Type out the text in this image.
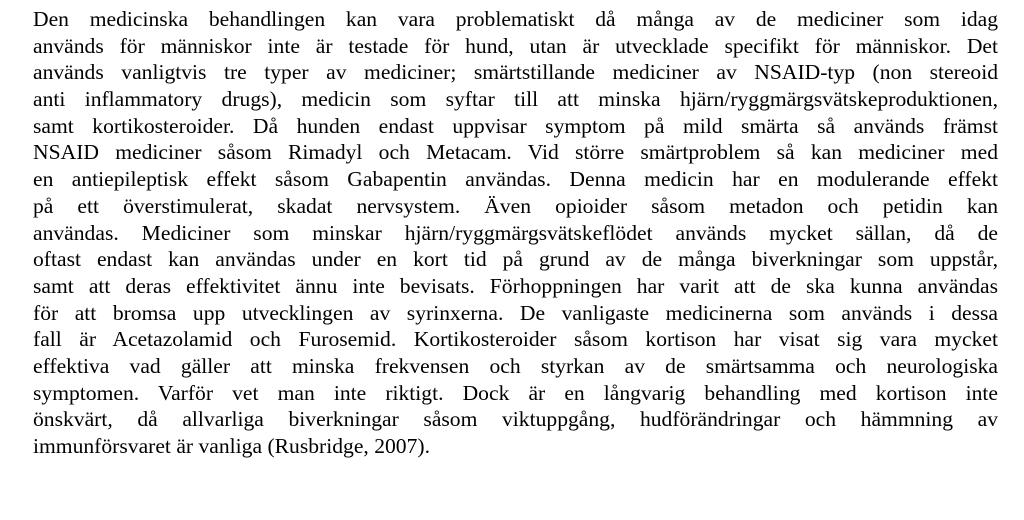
Den medicinska behandlingen kan vara problematiskt då många av de mediciner som idag
används för människor inte är testade för hund, utan är utvecklade specifikt för människor. Det
används vanligtvis tre typer av mediciner; smärtstillande mediciner av NSAID-typ (non stereoid
anti inflammatory drugs), medicin som syftar till att minska hjärn/ryggmärgsvätskeproduktionen,
samt kortikosteroider. Då hunden endast uppvisar symptom på mild smärta så används främst
NSAID mediciner såsom Rimadyl och Metacam. Vid större smärtproblem så kan mediciner med
en antiepileptisk effekt såsom Gabapentin användas. Denna medicin har en modulerande effekt
på ett överstimulerat, skadat nervsystem. Även opioider såsom metadon och petidin kan
användas. Mediciner som minskar hjärn/ryggmärgsvätskeflödet används mycket sällan, då de
oftast endast kan användas under en kort tid på grund av de många biverkningar som uppstår,
samt att deras effektivitet ännu inte bevisats. Förhoppningen har varit att de ska kunna användas
för att bromsa upp utvecklingen av syrinxerna. De vanligaste medicinerna som används i dessa
fall är Acetazolamid och Furosemid. Kortikosteroider såsom kortison har visat sig vara mycket
effektiva vad gäller att minska frekvensen och styrkan av de smärtsamma och neurologiska
symptomen. Varför vet man inte riktigt. Dock är en långvarig behandling med kortison inte
önskvärt, då allvarliga biverkningar såsom viktuppgång, hudförändringar och hämmning av
immunförsvaret är vanliga (Rusbridge, 2007).
